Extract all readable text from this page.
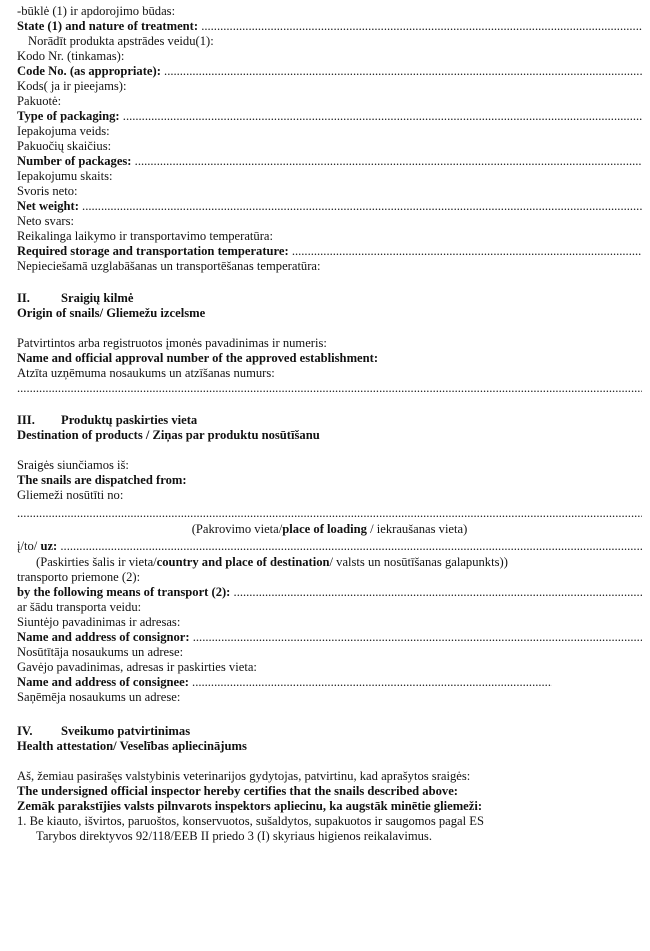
-būklė (1) ir apdorojimo būdas:
State (1) and nature of treatment: .....
Norādīt produkta apstrādes veidu(1):
Kodo Nr. (tinkamas):
Code No. (as appropriate): .....
Kods( ja ir pieejams):
Pakuotė:
Type of packaging: .....
Iepakojuma veids:
Pakuočių skaičius:
Number of packages: .....
Iepakojumu skaits:
Svoris neto:
Net weight: .....
Neto svars:
Reikalinga laikymo ir transportavimo temperatūra:
Required storage and transportation temperature: .....
Nepieciešamā uzglabāšanas un transportēšanas temperatūra:
II. Sraigių kilmė
Origin of snails/ Gliemežu izcelsme
Patvirtintos arba registruotos įmonės pavadinimas ir numeris:
Name and official approval number of the approved establishment:
Atzīta uzņēmuma nosaukums un atzīšanas numurs:
.....
III. Produktų paskirties vieta
Destination of products / Ziņas par produktu nosūtīšanu
Sraigės siunčiamos iš:
The snails are dispatched from:
Gliemeži nosūtīti no:
.....
(Pakrovimo vieta/place of loading / iekraušanas vieta)
į/to/ uz: .....
(Paskirties šalis ir vieta/country and place of destination/ valsts un nosūtīšanas galapunkts))
transporto priemone (2):
by the following means of transport (2): .....
ar šādu transporta veidu:
Siuntėjo pavadinimas ir adresas:
Name and address of consignor: .....
Nosūtītāja nosaukums un adrese:
Gavėjo pavadinimas, adresas ir paskirties vieta:
Name and address of consignee: .....
Saņēmēja nosaukums un adrese:
IV. Sveikumo patvirtinimas
Health attestation/ Veselības apliecinājums
Aš, žemiau pasirašęs valstybinis veterinarijos gydytojas, patvirtinu, kad aprašytos sraigės:
The undersigned official inspector hereby certifies that the snails described above:
Zemāk parakstījies valsts pilnvarots inspektors apliecinu, ka augstāk minētie gliemeži:
1. Be kiauto, išvirtos, paruoštos, konservuotos, sušaldytos, supakuotos ir saugomos pagal ES
Tarybos direktyvos 92/118/EEB II priedo 3 (I) skyriaus higienos reikalavimus.
